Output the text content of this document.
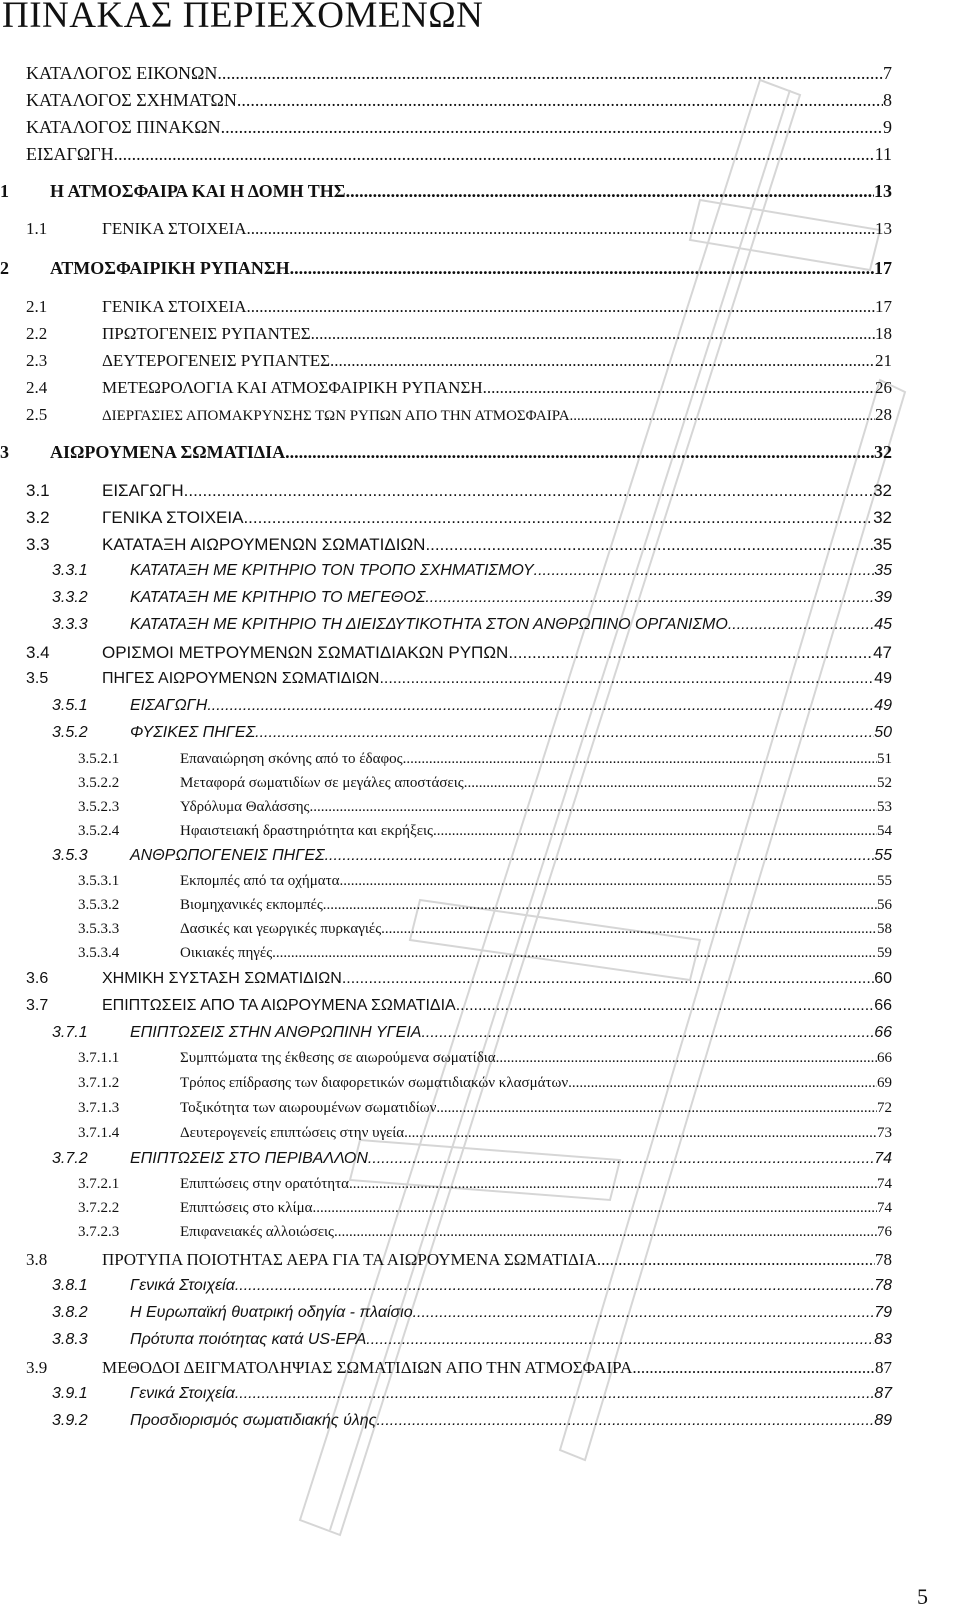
ΠΙΝΑΚΑΣ ΠΕΡΙΕΧΟΜΕΝΩΝ
ΚΑΤΑΛΟΓΟΣ ΕΙΚΟΝΩΝ .....	7
ΚΑΤΑΛΟΓΟΣ ΣΧΗΜΑΤΩΝ .....	8
ΚΑΤΑΛΟΓΟΣ ΠΙΝΑΚΩΝ .....	9
ΕΙΣΑΓΩΓΗ .....	11
1	Η ΑΤΜΟΣΦΑΙΡΑ ΚΑΙ Η ΔΟΜΗ ΤΗΣ .....	13
1.1	ΓΕΝΙΚΑ ΣΤΟΙΧΕΙΑ .....	13
2	ΑΤΜΟΣΦΑΙΡΙΚΗ ΡΥΠΑΝΣΗ .....	17
2.1	ΓΕΝΙΚΑ ΣΤΟΙΧΕΙΑ .....	17
2.2	ΠΡΩΤΟΓΕΝΕΙΣ ΡΥΠΑΝΤΕΣ .....	18
2.3	ΔΕΥΤΕΡΟΓΕΝΕΙΣ ΡΥΠΑΝΤΕΣ .....	21
2.4	ΜΕΤΕΩΡΟΛΟΓΙΑ ΚΑΙ ΑΤΜΟΣΦΑΙΡΙΚΗ ΡΥΠΑΝΣΗ .....	26
2.5	ΔΙΕΡΓΑΣΙΕΣ ΑΠΟΜΑΚΡΥΝΣΗΣ ΤΩΝ ΡΥΠΩΝ ΑΠΟ ΤΗΝ ΑΤΜΟΣΦΑΙΡΑ .....	28
3	ΑΙΩΡΟΥΜΕΝΑ ΣΩΜΑΤΙΔΙΑ .....	32
3.1	ΕΙΣΑΓΩΓΗ .....	32
3.2	ΓΕΝΙΚΑ ΣΤΟΙΧΕΙΑ .....	32
3.3	ΚΑΤΑΤΑΞΗ ΑΙΩΡΟΥΜΕΝΩΝ ΣΩΜΑΤΙΔΙΩΝ .....	35
3.3.1	ΚΑΤΑΤΑΞΗ ΜΕ ΚΡΙΤΗΡΙΟ ΤΟΝ ΤΡΟΠΟ ΣΧΗΜΑΤΙΣΜΟΥ .....	35
3.3.2	ΚΑΤΑΤΑΞΗ ΜΕ ΚΡΙΤΗΡΙΟ ΤΟ ΜΕΓΕΘΟΣ .....	39
3.3.3	ΚΑΤΑΤΑΞΗ ΜΕ ΚΡΙΤΗΡΙΟ ΤΗ ΔΙΕΙΣΔΥΤΙΚΟΤΗΤΑ ΣΤΟΝ ΑΝΘΡΩΠΙΝΟ ΟΡΓΑΝΙΣΜΟ .....	45
3.4	ΟΡΙΣΜΟΙ ΜΕΤΡΟΥΜΕΝΩΝ ΣΩΜΑΤΙΔΙΑΚΩΝ ΡΥΠΩΝ .....	47
3.5	ΠΗΓΕΣ ΑΙΩΡΟΥΜΕΝΩΝ ΣΩΜΑΤΙΔΙΩΝ .....	49
3.5.1	ΕΙΣΑΓΩΓΗ .....	49
3.5.2	ΦΥΣΙΚΕΣ ΠΗΓΕΣ .....	50
3.5.2.1	Επαναιώρηση σκόνης από το έδαφος .....	51
3.5.2.2	Μεταφορά σωματιδίων σε μεγάλες αποστάσεις .....	52
3.5.2.3	Υδρόλυμα Θαλάσσης .....	53
3.5.2.4	Ηφαιστειακή δραστηριότητα και εκρήξεις .....	54
3.5.3	ΑΝΘΡΩΠΟΓΕΝΕΙΣ ΠΗΓΕΣ .....	55
3.5.3.1	Εκπομπές από τα οχήματα .....	55
3.5.3.2	Βιομηχανικές εκπομπές .....	56
3.5.3.3	Δασικές και γεωργικές πυρκαγιές .....	58
3.5.3.4	Οικιακές πηγές .....	59
3.6	ΧΗΜΙΚΗ ΣΥΣΤΑΣΗ ΣΩΜΑΤΙΔΙΩΝ .....	60
3.7	ΕΠΙΠΤΩΣΕΙΣ ΑΠΟ ΤΑ ΑΙΩΡΟΥΜΕΝΑ ΣΩΜΑΤΙΔΙΑ .....	66
3.7.1	ΕΠΙΠΤΩΣΕΙΣ ΣΤΗΝ ΑΝΘΡΩΠΙΝΗ ΥΓΕΙΑ .....	66
3.7.1.1	Συμπτώματα της έκθεσης σε αιωρούμενα σωματίδια .....	66
3.7.1.2	Τρόπος επίδρασης των διαφορετικών σωματιδιακών κλασμάτων .....	69
3.7.1.3	Τοξικότητα των αιωρουμένων σωματιδίων .....	72
3.7.1.4	Δευτερογενείς επιπτώσεις στην υγεία .....	73
3.7.2	ΕΠΙΠΤΩΣΕΙΣ ΣΤΟ ΠΕΡΙΒΑΛΛΟΝ .....	74
3.7.2.1	Επιπτώσεις στην ορατότητα .....	74
3.7.2.2	Επιπτώσεις στο κλίμα .....	74
3.7.2.3	Επιφανειακές αλλοιώσεις .....	76
3.8	ΠΡΟΤΥΠΑ ΠΟΙΟΤΗΤΑΣ ΑΕΡΑ ΓΙΑ ΤΑ ΑΙΩΡΟΥΜΕΝΑ ΣΩΜΑΤΙΔΙΑ .....	78
3.8.1	Γενικά Στοιχεία .....	78
3.8.2	Η Ευρωπαϊκή θυατρική οδηγία - πλαίσιο .....	79
3.8.3	Πρότυπα ποιότητας κατά US-EPA .....	83
3.9	ΜΕΘΟΔΟΙ ΔΕΙΓΜΑΤΟΛΗΨΙΑΣ ΣΩΜΑΤΙΔΙΩΝ ΑΠΟ ΤΗΝ ΑΤΜΟΣΦΑΙΡΑ .....	87
3.9.1	Γενικά Στοιχεία .....	87
3.9.2	Προσδιορισμός σωματιδιακής ύλης .....	89
5
